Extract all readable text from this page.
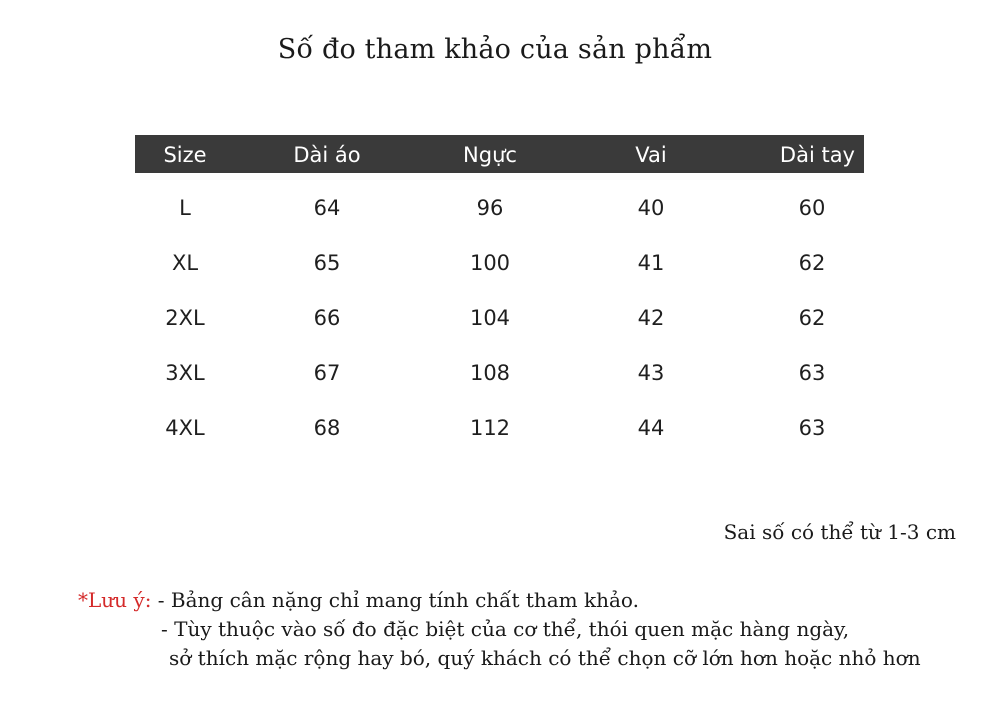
Số đo tham khảo của sản phẩm
Size	Dài áo	Ngực	Vai	Dài tay
L	64	96	40	60
XL	65	100	41	62
2XL	66	104	42	62
3XL	67	108	43	63
4XL	68	112	44	63
Sai số có thể từ 1-3 cm
*Lưu ý: - Bảng cân nặng chỉ mang tính chất tham khảo.
- Tùy thuộc vào số đo đặc biệt của cơ thể, thói quen mặc hàng ngày,
sở thích mặc rộng hay bó, quý khách có thể chọn cỡ lớn hơn hoặc nhỏ hơn
